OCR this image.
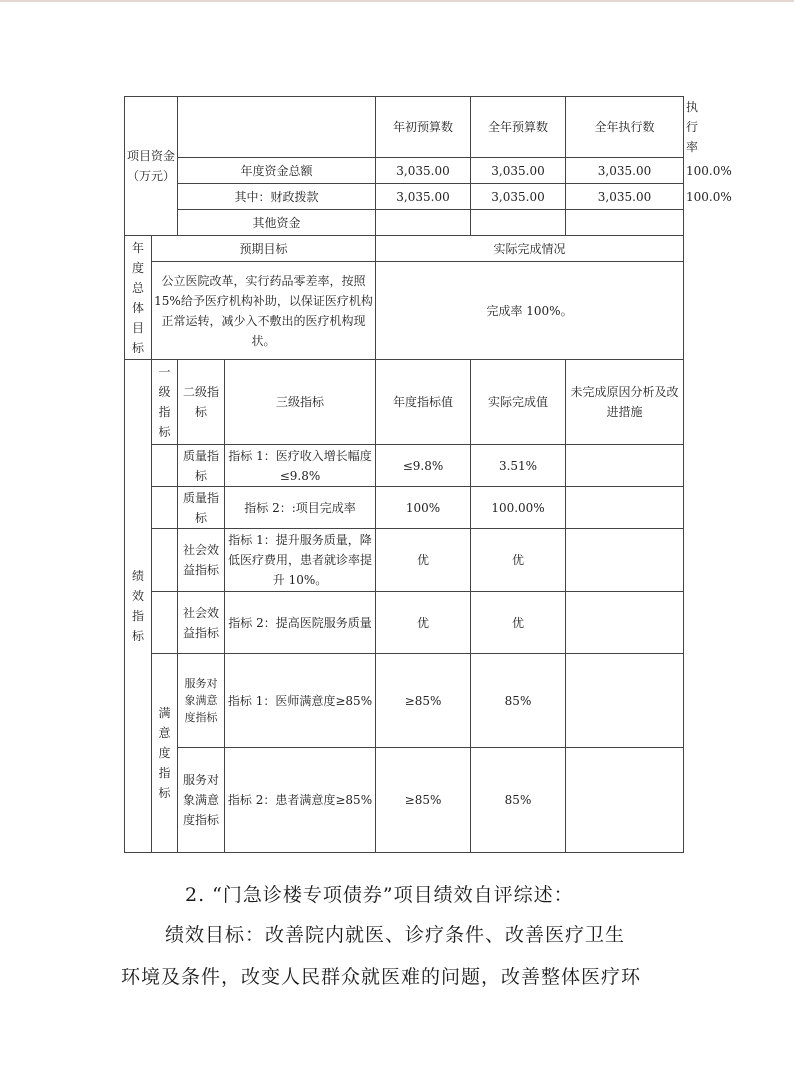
项目资金（万元）				年初预算数	全年预算数	全年执行数	执行率
		年度资金总额		3,035.00	3,035.00	3,035.00	100.0%
		其中：财政拨款		3,035.00	3,035.00	3,035.00	100.0%
		其他资金					
年度总体目标	预期目标			实际完成情况			
	公立医院改革，实行药品零差率，按照15%给予医疗机构补助，以保证医疗机构正常运转，减少入不敷出的医疗机构现状。			完成率 100%。			
绩效指标	一级指标	二级指标	三级指标	年度指标值	实际完成值	未完成原因分析及改进措施	
		质量指标	指标 1：医疗收入增长幅度≤9.8%	≤9.8%	3.51%		
		质量指标	指标 2：:项目完成率	100%	100.00%		
		社会效益指标	指标 1：提升服务质量，降低医疗费用，患者就诊率提升 10%。	优	优		
		社会效益指标	指标 2：提高医院服务质量	优	优		
	满意度指标	服务对象满意度指标	指标 1：医师满意度≥85%	≥85%	85%		
		服务对象满意度指标	指标 2：患者满意度≥85%	≥85%	85%		

2. “门急诊楼专项债券”项目绩效自评综述：

绩效目标：改善院内就医、诊疗条件、改善医疗卫生

环境及条件，改变人民群众就医难的问题，改善整体医疗环
